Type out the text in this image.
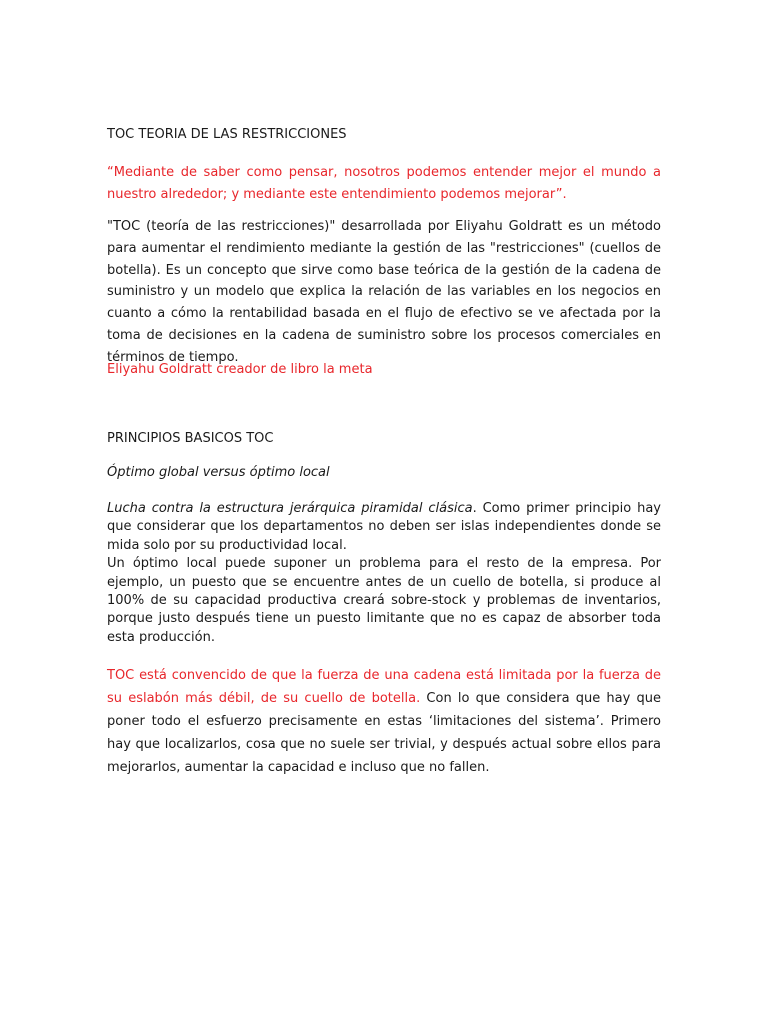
TOC TEORIA DE LAS RESTRICCIONES
“Mediante de saber como pensar, nosotros podemos entender mejor el mundo a nuestro alrededor; y mediante este entendimiento podemos mejorar”.
"TOC (teoría de las restricciones)" desarrollada por Eliyahu Goldratt es un método para aumentar el rendimiento mediante la gestión de las "restricciones" (cuellos de botella). Es un concepto que sirve como base teórica de la gestión de la cadena de suministro y un modelo que explica la relación de las variables en los negocios en cuanto a cómo la rentabilidad basada en el flujo de efectivo se ve afectada por la toma de decisiones en la cadena de suministro sobre los procesos comerciales en términos de tiempo.
Eliyahu Goldratt creador de libro la meta
PRINCIPIOS BASICOS TOC
Óptimo global versus óptimo local
Lucha contra la estructura jerárquica piramidal clásica. Como primer principio hay que considerar que los departamentos no deben ser islas independientes donde se mida solo por su productividad local.
Un óptimo local puede suponer un problema para el resto de la empresa. Por ejemplo, un puesto que se encuentre antes de un cuello de botella, si produce al 100% de su capacidad productiva creará sobre-stock y problemas de inventarios, porque justo después tiene un puesto limitante que no es capaz de absorber toda esta producción.
TOC está convencido de que la fuerza de una cadena está limitada por la fuerza de su eslabón más débil, de su cuello de botella. Con lo que considera que hay que poner todo el esfuerzo precisamente en estas ‘limitaciones del sistema’. Primero hay que localizarlos, cosa que no suele ser trivial, y después actual sobre ellos para mejorarlos, aumentar la capacidad e incluso que no fallen.
